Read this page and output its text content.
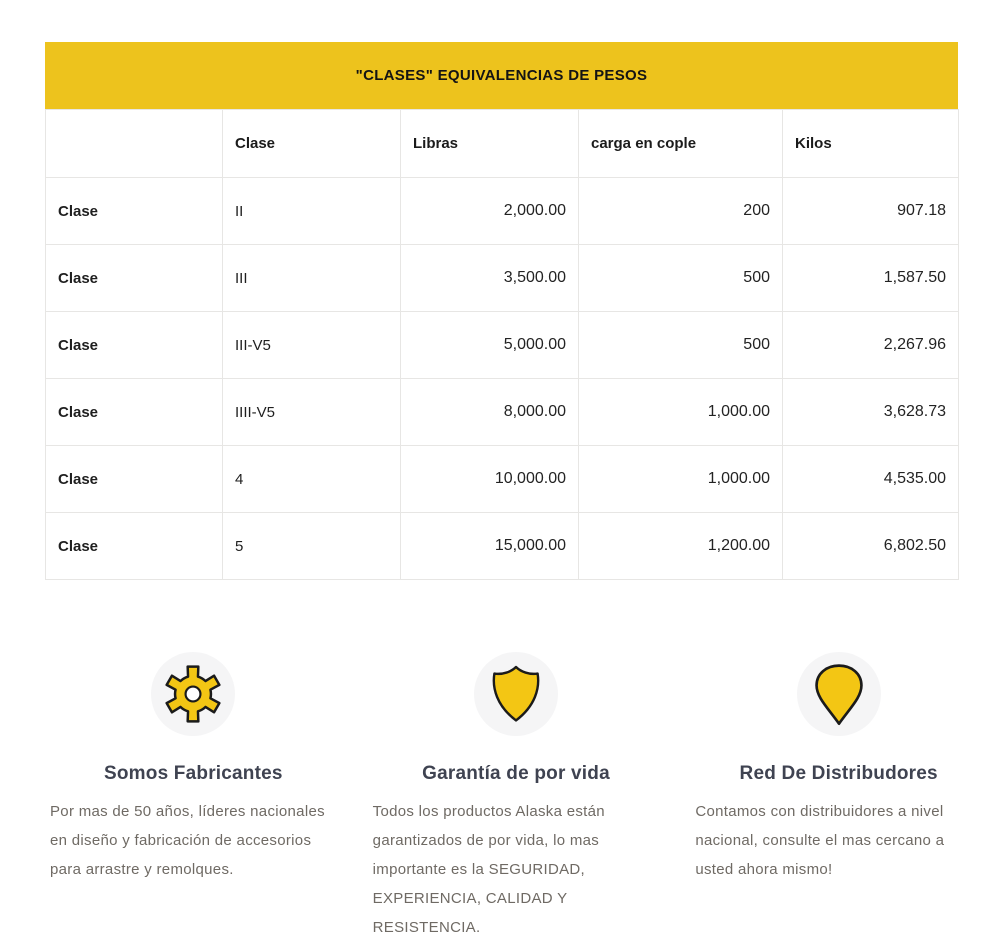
"CLASES" EQUIVALENCIAS DE PESOS
	Clase	Libras	carga en cople	Kilos
Clase	II	2,000.00	200	907.18
Clase	III	3,500.00	500	1,587.50
Clase	III-V5	5,000.00	500	2,267.96
Clase	IIII-V5	8,000.00	1,000.00	3,628.73
Clase	4	10,000.00	1,000.00	4,535.00
Clase	5	15,000.00	1,200.00	6,802.50
Somos Fabricantes

Por mas de 50 años, líderes nacionales en diseño y fabricación de accesorios para arrastre y remolques.

Garantía de por vida

Todos los productos Alaska están garantizados de por vida, lo mas importante es la SEGURIDAD, EXPERIENCIA, CALIDAD Y RESISTENCIA.

Red De Distribudores

Contamos con distribuidores a nivel nacional, consulte el mas cercano a usted ahora mismo!
